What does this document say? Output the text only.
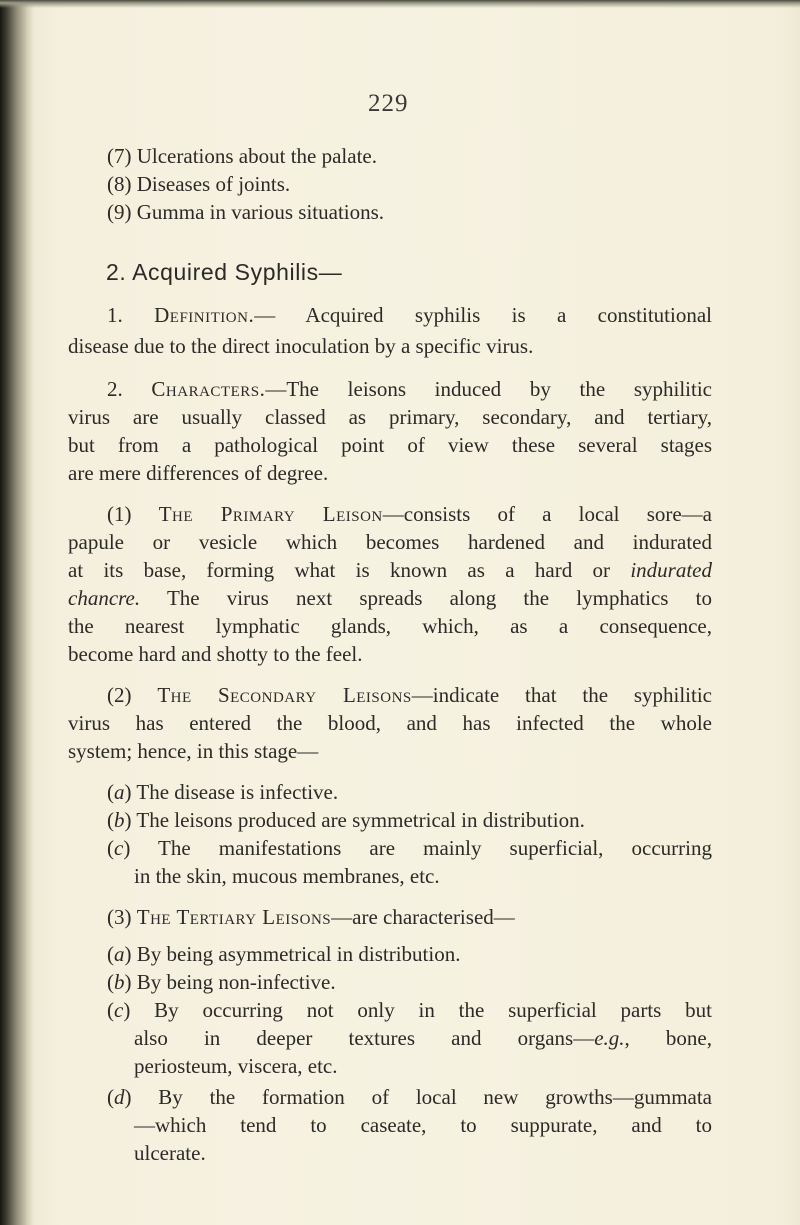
229
(7) Ulcerations about the palate.
(8) Diseases of joints.
(9) Gumma in various situations.
2. Acquired Syphilis—
1. Definition.— Acquired syphilis is a constitutional
disease due to the direct inoculation by a specific virus.
2. Characters.—The leisons induced by the syphilitic
virus are usually classed as primary, secondary, and tertiary,
but from a pathological point of view these several stages
are mere differences of degree.
(1) The Primary Leison—consists of a local sore—a
papule or vesicle which becomes hardened and indurated
at its base, forming what is known as a hard or indurated
chancre. The virus next spreads along the lymphatics to
the nearest lymphatic glands, which, as a consequence,
become hard and shotty to the feel.
(2) The Secondary Leisons—indicate that the syphilitic
virus has entered the blood, and has infected the whole
system; hence, in this stage—
(a) The disease is infective.
(b) The leisons produced are symmetrical in distribution.
(c) The manifestations are mainly superficial, occurring
in the skin, mucous membranes, etc.
(3) The Tertiary Leisons—are characterised—
(a) By being asymmetrical in distribution.
(b) By being non-infective.
(c) By occurring not only in the superficial parts but
also in deeper textures and organs—e.g., bone,
periosteum, viscera, etc.
(d) By the formation of local new growths—gummata
—which tend to caseate, to suppurate, and to
ulcerate.
